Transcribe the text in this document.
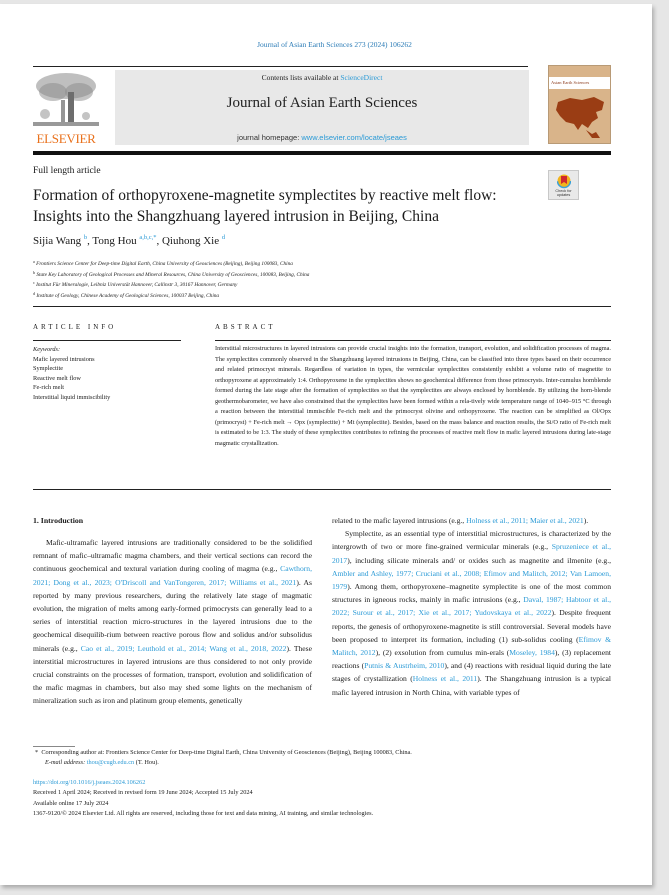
Journal of Asian Earth Sciences 273 (2024) 106262
ELSEVIER
Contents lists available at ScienceDirect
Journal of Asian Earth Sciences
journal homepage: www.elsevier.com/locate/jseaes
Asian Earth Sciences
Full length article
Formation of orthopyroxene-magnetite symplectites by reactive melt flow: Insights into the Shangzhuang layered intrusion in Beijing, China
Check for updates
Sijia Wang $^b$, Tong Hou $^{a,b,c,*}$, Qiuhong Xie $^d$
$^a$ Frontiers Science Center for Deep-time Digital Earth, China University of Geosciences (Beijing), Beijing 100083, China
$^b$ State Key Laboratory of Geological Processes and Mineral Resources, China University of Geosciences, 100083, Beijing, China
$^c$ Institut Für Mineralogie, Leibniz Universtät Hannover, Callinstr 3, 30167 Hannover, Germany
$^d$ Institute of Geology, Chinese Academy of Geological Sciences, 100037 Beijing, China
ARTICLE INFO
Keywords:
Mafic layered intrusions
Symplectite
Reactive melt flow
Fe-rich melt
Interstitial liquid immiscibility
ABSTRACT
Interstitial microstructures in layered intrusions can provide crucial insights into the formation, transport, evolution, and solidification processes of magma. The symplectites commonly observed in the Shangzhuang layered intrusions in Beijing, China, can be classified into three types based on their occurrence and related primocryst minerals. Regardless of variation in types, the vermicular symplectites consistently exhibit a volume ratio of magnetite to orthopyroxene at approximately 1:4. Orthopyroxene in the symplectites shows no geochemical difference from those primocrysts. Inter-cumulus hornblende formed during the late stage after the formation of symplectites so that the symplectites are always enclosed by hornblende. By utilizing the horn-blende geothermobarometer, we have also constrained that the symplectites have been formed within a rela-tively wide temperature range of 1040–915 °C through a reaction between the interstitial immiscible Fe-rich melt and the primocryst olivine and orthopyroxene. The reaction can be simplified as Ol/Opx (primocryst) + Fe-rich melt → Opx (symplectite) + Mt (symplectite). Besides, based on the mass balance and reaction results, the Si/O ratio of Fe-rich melt is estimated to be 1:3. The study of these symplectites contributes to refining the processes of reactive melt flow in mafic layered intrusions during late-stage magmatic crystallization.
1. Introduction

Mafic-ultramafic layered intrusions are traditionally considered to be the solidified remnant of mafic–ultramafic magma chambers, and their vertical sections can record the continuous geochemical and textural variation during cooling of magma (e.g., Cawthorn, 2021; Dong et al., 2023; O'Driscoll and VanTongeren, 2017; Williams et al., 2021). As reported by many previous researchers, during the relatively late stage of magmatic evolution, the migration of melts among early-formed primocrysts can generally lead to a series of interstitial reaction micro-structures in the layered intrusions due to the geochemical disequilib-rium between reactive porous flow and solidus and/or subsolidus minerals (e.g., Cao et al., 2019; Leuthold et al., 2014; Wang et al., 2018, 2022). These interstitial microstructures in layered intrusions are thus considered to not only provide crucial constraints on the processes of formation, transport, evolution and solidification of the mafic magmas in chambers, but also may shed some lights on the mechanism of mineralization such as iron and platinum group elements, genetically

related to the mafic layered intrusions (e.g., Holness et al., 2011; Maier et al., 2021).

Symplectite, as an essential type of interstitial microstructures, is characterized by the intergrowth of two or more fine-grained vermicular minerals (e.g., Spruzeniece et al., 2017), including silicate minerals and/ or oxides such as magnetite and ilmenite (e.g., Ambler and Ashley, 1977; Cruciani et al., 2008; Efimov and Malitch, 2012; Van Lamoen, 1979). Among them, orthopyroxene–magnetite symplectite is one of the most common structures in igneous rocks, mainly in mafic intrusions (e.g., Daval, 1987; Habtoor et al., 2022; Surour et al., 2017; Xie et al., 2017; Yudovskaya et al., 2022). Despite frequent reports, the genesis of orthopyroxene-magnetite is still controversial. Several models have been proposed to interpret its formation, including (1) sub-solidus cooling (Efimov & Malitch, 2012), (2) exsolution from cumulus min-erals (Moseley, 1984), (3) replacement reactions (Putnis & Austrheim, 2010), and (4) reactions with residual liquid during the late stages of crystallization (Holness et al., 2011). The Shangzhuang intrusion is a typical mafic layered intrusion in North China, with variable types of

* Corresponding author at: Frontiers Science Center for Deep-time Digital Earth, China University of Geosciences (Beijing), Beijing 100083, China.
E-mail address: thou@cugb.edu.cn (T. Hou).
https://doi.org/10.1016/j.jseaes.2024.106262
Received 1 April 2024; Received in revised form 19 June 2024; Accepted 15 July 2024
Available online 17 July 2024
1367-9120/© 2024 Elsevier Ltd. All rights are reserved, including those for text and data mining, AI training, and similar technologies.
